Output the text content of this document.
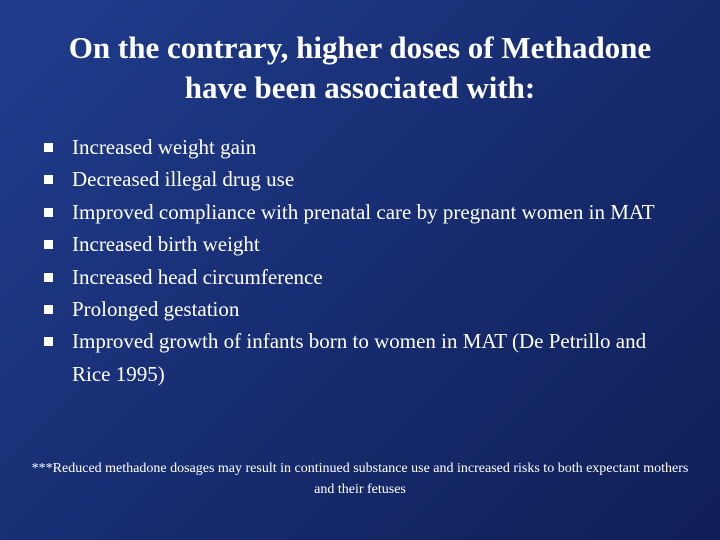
On the contrary, higher doses of Methadone have been associated with:
Increased weight gain
Decreased illegal drug use
Improved compliance with prenatal care by pregnant women in MAT
Increased birth weight
Increased head circumference
Prolonged gestation
Improved growth of infants born to women in MAT (De Petrillo and Rice 1995)
***Reduced methadone dosages may result in continued substance use and increased risks to both expectant mothers and their fetuses
